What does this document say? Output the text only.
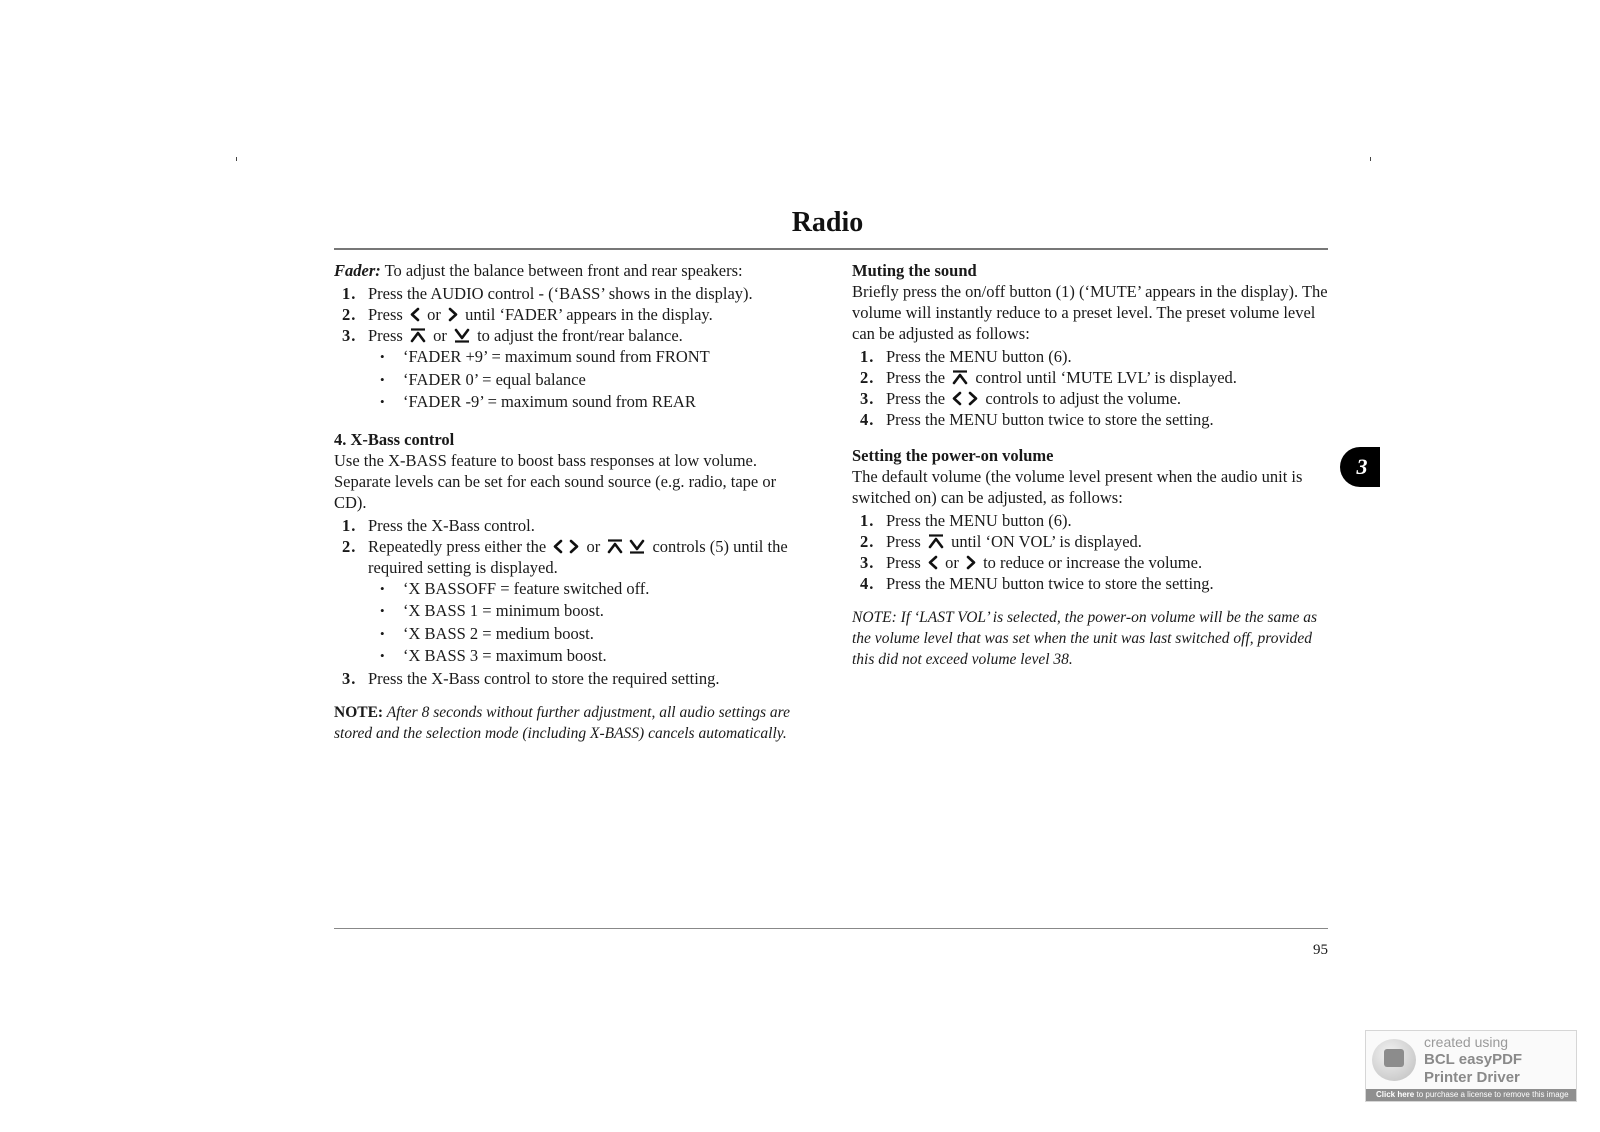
Radio
3

Fader: To adjust the balance between front and rear speakers:

1. Press the AUDIO control - (‘BASS’ shows in the display).
2. Press or until ‘FADER’ appears in the display.
3. Press or to adjust the front/rear balance.
• ‘FADER +9’ = maximum sound from FRONT
• ‘FADER 0’ = equal balance
• ‘FADER -9’ = maximum sound from REAR

4. X-Bass control

Use the X-BASS feature to boost bass responses at low volume. Separate levels can be set for each sound source (e.g. radio, tape or CD).

1. Press the X-Bass control.
2. Repeatedly press either the or	controls (5) until the required setting is displayed.
• ‘X BASSOFF = feature switched off.
• ‘X BASS 1 = minimum boost.
• ‘X BASS 2 = medium boost.
• ‘X BASS 3 = maximum boost.
3. Press the X-Bass control to store the required setting.

NOTE: After 8 seconds without further adjustment, all audio settings are stored and the selection mode (including X-BASS) cancels automatically.

Muting the sound

Briefly press the on/off button (1) (‘MUTE’ appears in the display). The volume will instantly reduce to a preset level. The preset volume level can be adjusted as follows:

1. Press the MENU button (6).
2. Press the control until ‘MUTE LVL’ is displayed.
3. Press the controls to adjust the volume.
4. Press the MENU button twice to store the setting.

Setting the power-on volume

The default volume (the volume level present when the audio unit is switched on) can be adjusted, as follows:

1. Press the MENU button (6).
2. Press until ‘ON VOL’ is displayed.
3. Press or to reduce or increase the volume.
4. Press the MENU button twice to store the setting.

NOTE: If ‘LAST VOL’ is selected, the power-on volume will be the same as the volume level that was set when the unit was last switched off, provided this did not exceed volume level 38.

95
created using
BCL easyPDF
Printer Driver
Click here to purchase a license to remove this image
